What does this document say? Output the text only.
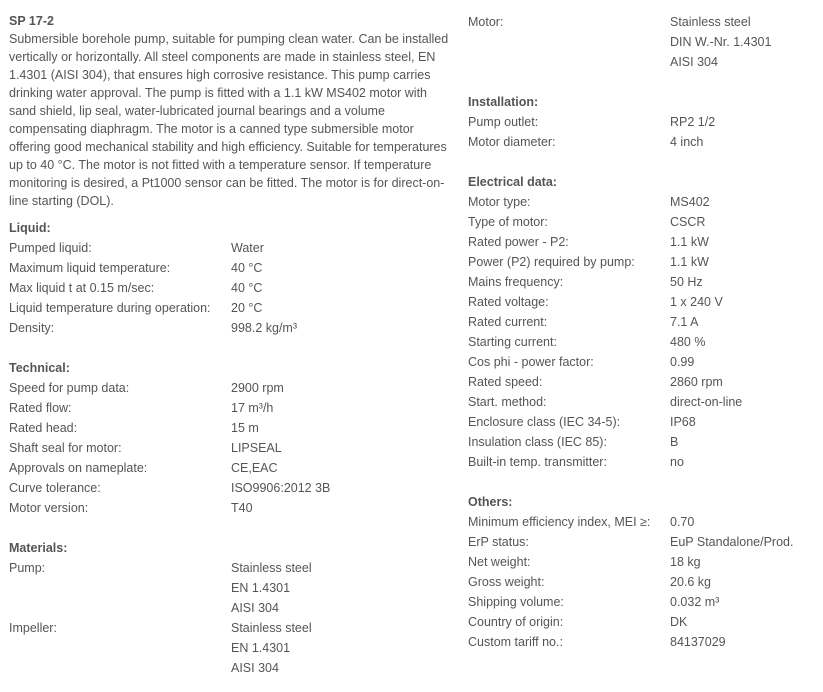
SP 17-2
Submersible borehole pump, suitable for pumping clean water. Can be installed vertically or horizontally. All steel components are made in stainless steel, EN 1.4301 (AISI 304), that ensures high corrosive resistance. This pump carries drinking water approval. The pump is fitted with a 1.1 kW MS402 motor with sand shield, lip seal, water-lubricated journal bearings and a volume compensating diaphragm. The motor is a canned type submersible motor offering good mechanical stability and high efficiency. Suitable for temperatures up to 40 °C. The motor is not fitted with a temperature sensor. If temperature monitoring is desired, a Pt1000 sensor can be fitted. The motor is for direct-on-line starting (DOL).
Liquid:
Pumped liquid:	Water
Maximum liquid temperature:	40 °C
Max liquid t at 0.15 m/sec:	40 °C
Liquid temperature during operation:	20 °C
Density:	998.2 kg/m³
Technical:
Speed for pump data:	2900 rpm
Rated flow:	17 m³/h
Rated head:	15 m
Shaft seal for motor:	LIPSEAL
Approvals on nameplate:	CE,EAC
Curve tolerance:	ISO9906:2012 3B
Motor version:	T40
Materials:
Pump:	Stainless steel
EN 1.4301
AISI 304
Impeller:	Stainless steel
EN 1.4301
AISI 304
Motor:	Stainless steel
DIN W.-Nr. 1.4301
AISI 304
Installation:
Pump outlet:	RP2 1/2
Motor diameter:	4 inch
Electrical data:
Motor type:	MS402
Type of motor:	CSCR
Rated power - P2:	1.1 kW
Power (P2) required by pump:	1.1 kW
Mains frequency:	50 Hz
Rated voltage:	1 x 240 V
Rated current:	7.1 A
Starting current:	480 %
Cos phi - power factor:	0.99
Rated speed:	2860 rpm
Start. method:	direct-on-line
Enclosure class (IEC 34-5):	IP68
Insulation class (IEC 85):	B
Built-in temp. transmitter:	no
Others:
Minimum efficiency index, MEI ≥:	0.70
ErP status:	EuP Standalone/Prod.
Net weight:	18 kg
Gross weight:	20.6 kg
Shipping volume:	0.032 m³
Country of origin:	DK
Custom tariff no.:	84137029
